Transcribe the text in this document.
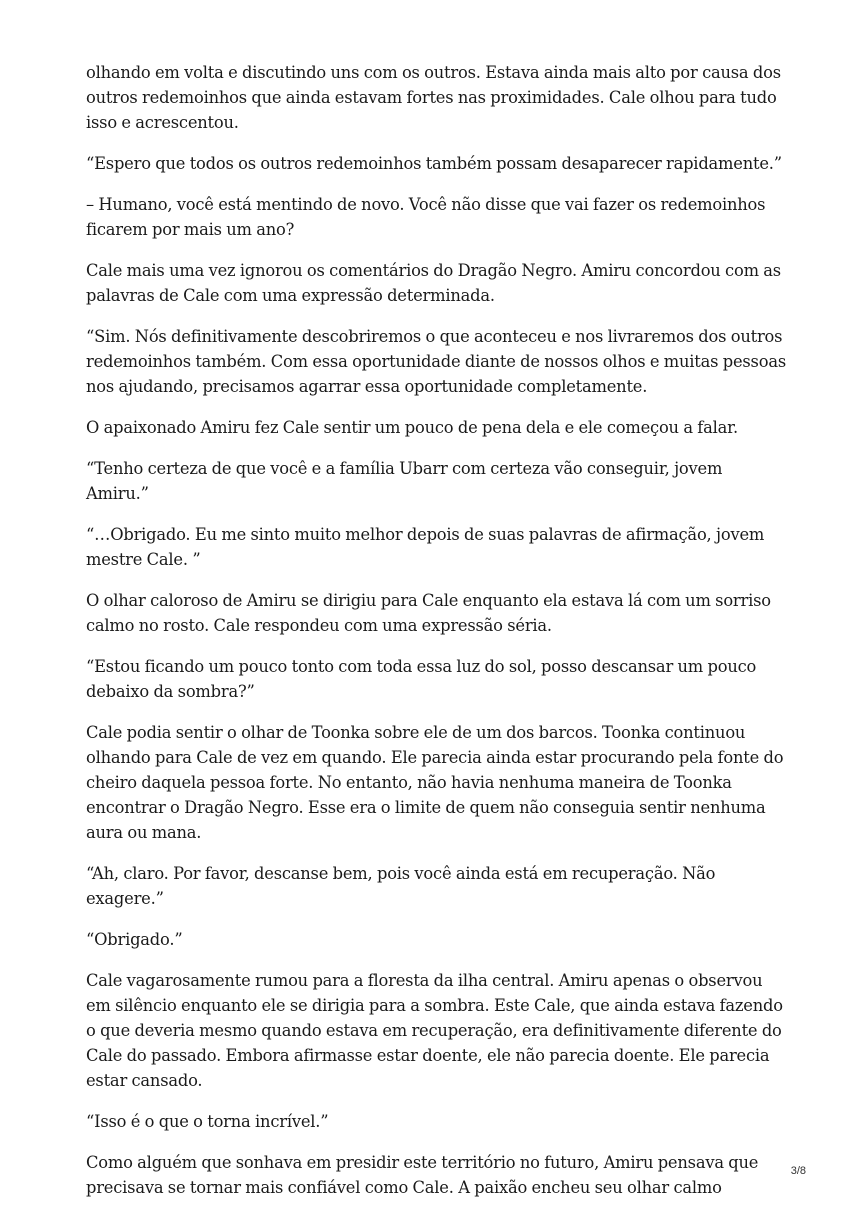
olhando em volta e discutindo uns com os outros. Estava ainda mais alto por causa dos outros redemoinhos que ainda estavam fortes nas proximidades. Cale olhou para tudo isso e acrescentou.

“Espero que todos os outros redemoinhos também possam desaparecer rapidamente.”

– Humano, você está mentindo de novo. Você não disse que vai fazer os redemoinhos ficarem por mais um ano?

Cale mais uma vez ignorou os comentários do Dragão Negro. Amiru concordou com as palavras de Cale com uma expressão determinada.

“Sim. Nós definitivamente descobriremos o que aconteceu e nos livraremos dos outros redemoinhos também. Com essa oportunidade diante de nossos olhos e muitas pessoas nos ajudando, precisamos agarrar essa oportunidade completamente.

O apaixonado Amiru fez Cale sentir um pouco de pena dela e ele começou a falar.

“Tenho certeza de que você e a família Ubarr com certeza vão conseguir, jovem Amiru.”

“…Obrigado. Eu me sinto muito melhor depois de suas palavras de afirmação, jovem mestre Cale. ”

O olhar caloroso de Amiru se dirigiu para Cale enquanto ela estava lá com um sorriso calmo no rosto. Cale respondeu com uma expressão séria.

“Estou ficando um pouco tonto com toda essa luz do sol, posso descansar um pouco debaixo da sombra?”

Cale podia sentir o olhar de Toonka sobre ele de um dos barcos. Toonka continuou olhando para Cale de vez em quando. Ele parecia ainda estar procurando pela fonte do cheiro daquela pessoa forte. No entanto, não havia nenhuma maneira de Toonka encontrar o Dragão Negro. Esse era o limite de quem não conseguia sentir nenhuma aura ou mana.

“Ah, claro. Por favor, descanse bem, pois você ainda está em recuperação. Não exagere.”

“Obrigado.”

Cale vagarosamente rumou para a floresta da ilha central. Amiru apenas o observou em silêncio enquanto ele se dirigia para a sombra. Este Cale, que ainda estava fazendo o que deveria mesmo quando estava em recuperação, era definitivamente diferente do Cale do passado. Embora afirmasse estar doente, ele não parecia doente. Ele parecia estar cansado.

“Isso é o que o torna incrível.”

Como alguém que sonhava em presidir este território no futuro, Amiru pensava que precisava se tornar mais confiável como Cale. A paixão encheu seu olhar calmo

3/8
